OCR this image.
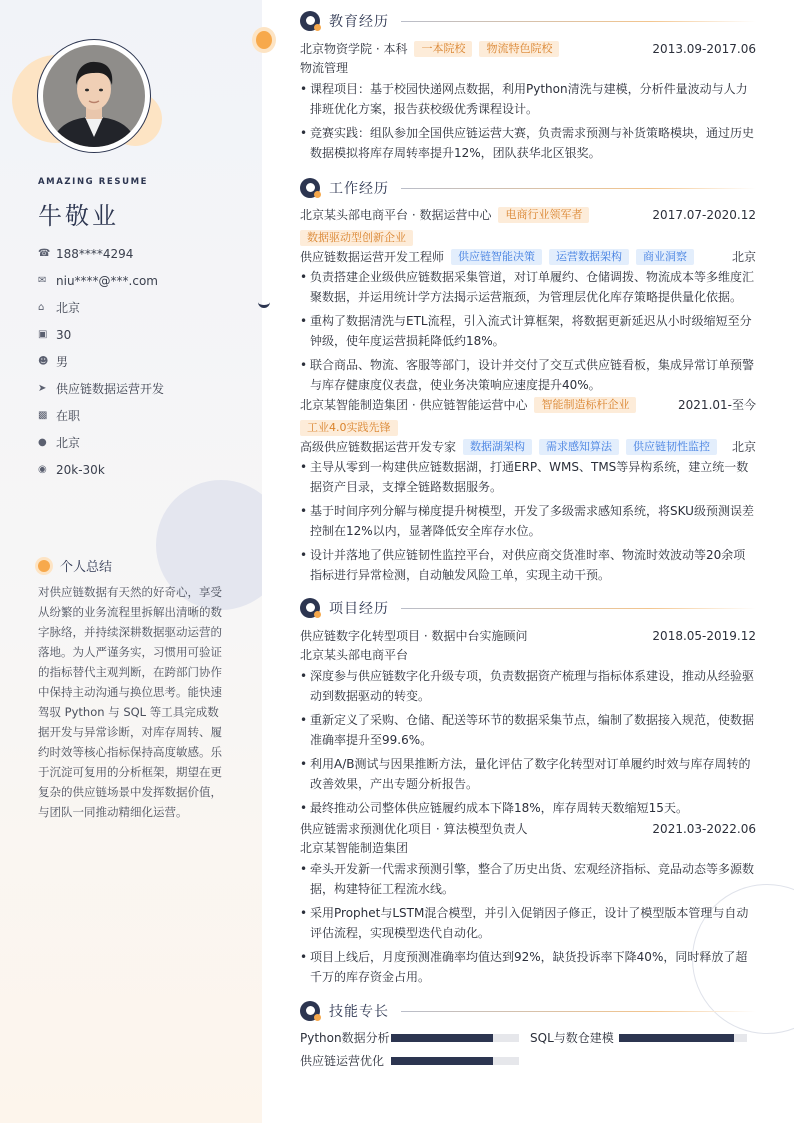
AMAZING RESUME
牛敬业
☎ 188****4294
✉ niu****@***.com
⌂ 北京
▣ 30
☻ 男
➤ 供应链数据运营开发
▩ 在职
● 北京
◉ 20k-30k
个人总结
对供应链数据有天然的好奇心，享受从纷繁的业务流程里拆解出清晰的数字脉络，并持续深耕数据驱动运营的落地。为人严谨务实，习惯用可验证的指标替代主观判断，在跨部门协作中保持主动沟通与换位思考。能快速驾驭 Python 与 SQL 等工具完成数据开发与异常诊断，对库存周转、履约时效等核心指标保持高度敏感。乐于沉淀可复用的分析框架，期望在更复杂的供应链场景中发挥数据价值，与团队一同推动精细化运营。
教育经历
北京物资学院 · 本科	一本院校	物流特色院校	2013.09-2017.06
物流管理
• 课程项目：基于校园快递网点数据，利用Python清洗与建模，分析件量波动与人力排班优化方案，报告获校级优秀课程设计。
• 竞赛实践：组队参加全国供应链运营大赛，负责需求预测与补货策略模块，通过历史数据模拟将库存周转率提升12%，团队获华北区银奖。
工作经历
北京某头部电商平台 · 数据运营中心	电商行业领军者	2017.07-2020.12
数据驱动型创新企业
供应链数据运营开发工程师	供应链智能决策	运营数据架构	商业洞察	北京
• 负责搭建企业级供应链数据采集管道，对订单履约、仓储调拨、物流成本等多维度汇聚数据，并运用统计学方法揭示运营瓶颈，为管理层优化库存策略提供量化依据。
• 重构了数据清洗与ETL流程，引入流式计算框架，将数据更新延迟从小时级缩短至分钟级，使年度运营损耗降低约18%。
• 联合商品、物流、客服等部门，设计并交付了交互式供应链看板，集成异常订单预警与库存健康度仪表盘，使业务决策响应速度提升40%。
北京某智能制造集团 · 供应链智能运营中心	智能制造标杆企业	2021.01-至今
工业4.0实践先锋
高级供应链数据运营开发专家	数据湖架构	需求感知算法	供应链韧性监控	北京
• 主导从零到一构建供应链数据湖，打通ERP、WMS、TMS等异构系统，建立统一数据资产目录，支撑全链路数据服务。
• 基于时间序列分解与梯度提升树模型，开发了多级需求感知系统，将SKU级预测误差控制在12%以内，显著降低安全库存水位。
• 设计并落地了供应链韧性监控平台，对供应商交货准时率、物流时效波动等20余项指标进行异常检测，自动触发风险工单，实现主动干预。
项目经历
供应链数字化转型项目 · 数据中台实施顾问	2018.05-2019.12
北京某头部电商平台
• 深度参与供应链数字化升级专项，负责数据资产梳理与指标体系建设，推动从经验驱动到数据驱动的转变。
• 重新定义了采购、仓储、配送等环节的数据采集节点，编制了数据接入规范，使数据准确率提升至99.6%。
• 利用A/B测试与因果推断方法，量化评估了数字化转型对订单履约时效与库存周转的改善效果，产出专题分析报告。
• 最终推动公司整体供应链履约成本下降18%，库存周转天数缩短15天。
供应链需求预测优化项目 · 算法模型负责人	2021.03-2022.06
北京某智能制造集团
• 牵头开发新一代需求预测引擎，整合了历史出货、宏观经济指标、竞品动态等多源数据，构建特征工程流水线。
• 采用Prophet与LSTM混合模型，并引入促销因子修正，设计了模型版本管理与自动评估流程，实现模型迭代自动化。
• 项目上线后，月度预测准确率均值达到92%，缺货投诉率下降40%，同时释放了超千万的库存资金占用。
技能专长
Python数据分析	SQL与数仓建模
供应链运营优化
